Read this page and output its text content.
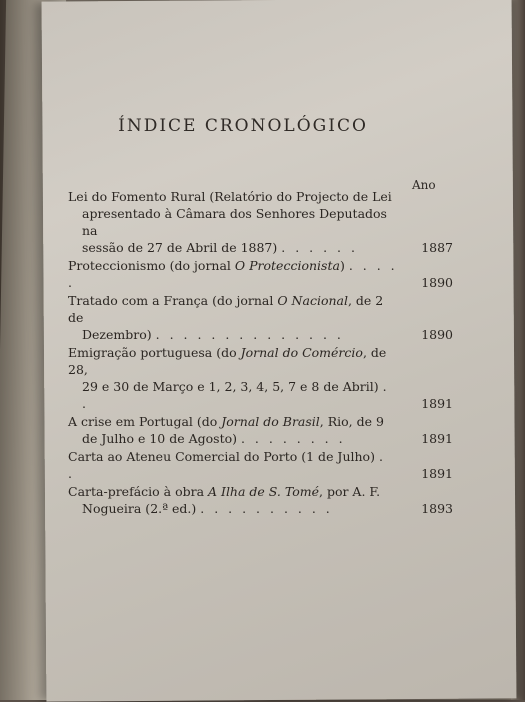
ÍNDICE CRONOLÓGICO
Ano
Lei do Fomento Rural (Relatório do Projecto de Lei
apresentado à Câmara dos Senhores Deputados na
sessão de 27 de Abril de 1887) . . . . . .	1887
Proteccionismo (do jornal O Proteccionista) . . . . .	1890
Tratado com a França (do jornal O Nacional, de 2 de
Dezembro) . . . . . . . . . . . . . .	1890
Emigração portuguesa (do Jornal do Comércio, de 28,
29 e 30 de Março e 1, 2, 3, 4, 5, 7 e 8 de Abril) . .	1891
A crise em Portugal (do Jornal do Brasil, Rio, de 9
de Julho e 10 de Agosto) . . . . . . . .	1891
Carta ao Ateneu Comercial do Porto (1 de Julho) . .	1891
Carta-prefácio à obra A Ilha de S. Tomé, por A. F.
Nogueira (2.ª ed.) . . . . . . . . . .	1893
